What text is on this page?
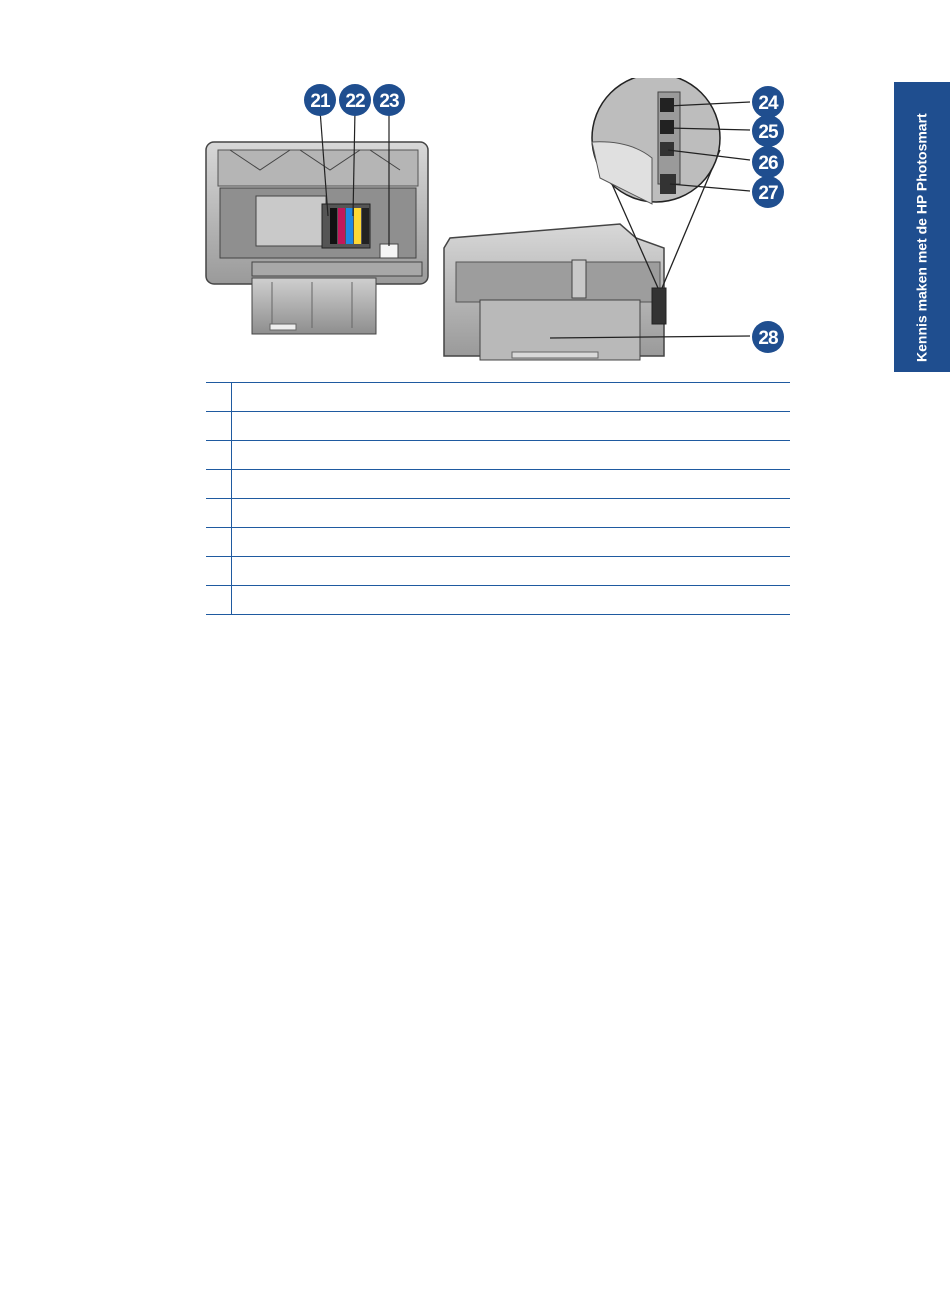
Kennis maken met de HP Photosmart
21 22 23	24
25
26
27
28
